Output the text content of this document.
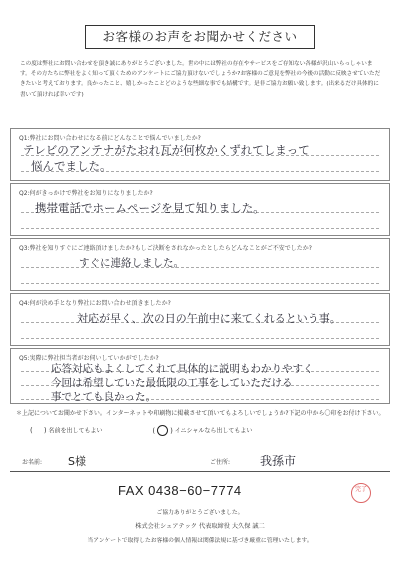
お客様のお声をお聞かせください
この度は弊社にお問い合わせを頂き誠にありがとうございました。世の中には弊社の存在やサービスをご存知ない各様が沢山いらっしゃいます。その方たちに弊社をよく知って頂くためのアンケートにご協力頂けないでしょうか?お客様のご意見を弊社の今後の活動に反映させていただきたいと考えております。良かったこと、嬉しかったことどのような些細な事でも結構です。是非ご協力お願い致します。(出来るだけ具体的に書いて頂ければ幸いです)
Q1:弊社にお問い合わせになる前にどんなことで悩んでいましたか?
テレビのアンテナがたおれ瓦が何枚かくずれてしまって
悩んでました。
Q2:何がきっかけで弊社をお知りになりましたか?
携帯電話でホームページを見て知りました。
Q3:弊社を知りすぐにご連絡頂けましたか?もしご決断をされなかったとしたらどんなことがご不安でしたか?
すぐに連絡しました。
Q4:何が決め手となり弊社にお問い合わせ頂きましたか?
対応が早く、次の日の午前中に来てくれるという事。
Q5:実際に弊社担当者がお伺いしていかがでしたか?
応答対応もよくしてくれて具体的に説明もわかりやすく
今回は希望していた最低限の工事をしていただける
事でとても良かった。
＊上記についてお聞かせ下さい。インターネットや印刷物に掲載させて頂いてもよろしいでしょうか?下記の中から〇印をお付け下さい。
(     ) 名前を出してもよい	( ) イニシャルなら出してもよい
お名前: S様	ご住所: 我孫市
FAX 0438−60−7774	完了
ご協力ありがとうございました。
株式会社シェアテック 代表取締役 大久保 誠二
当アンケートで取得したお客様の個人情報は関係法規に基づき厳重に管理いたします。
